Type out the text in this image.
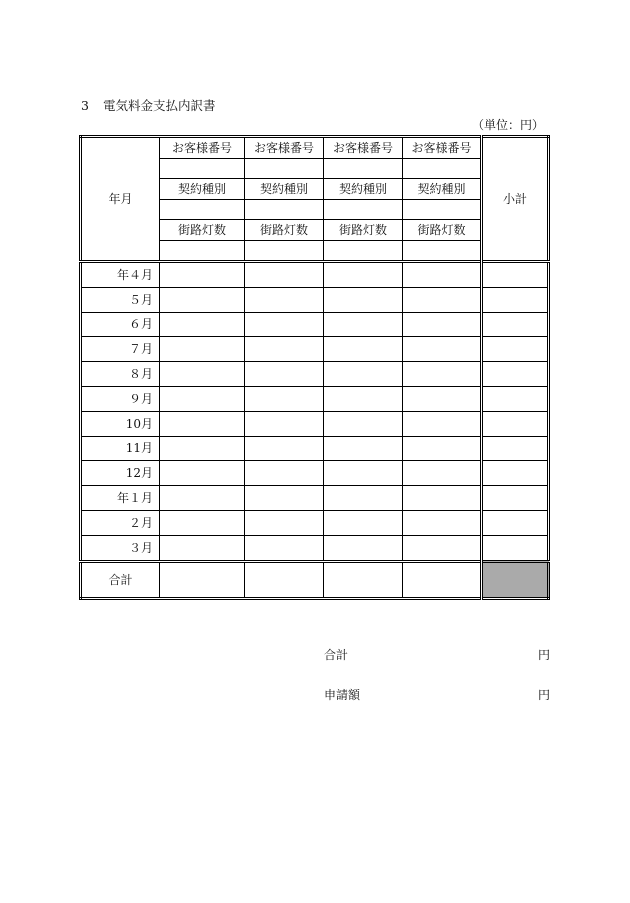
3 電気料金支払内訳書
（単位：円）
年月	お客様番号	お客様番号	お客様番号	お客様番号	小計

	契約種別	契約種別	契約種別	契約種別	

	街路灯数	街路灯数	街路灯数	街路灯数	

年４月					
５月					
６月					
７月					
８月					
９月					
10月					
11月					
12月					
年１月					
２月					
３月					
合計					
合計	円
申請額	円
